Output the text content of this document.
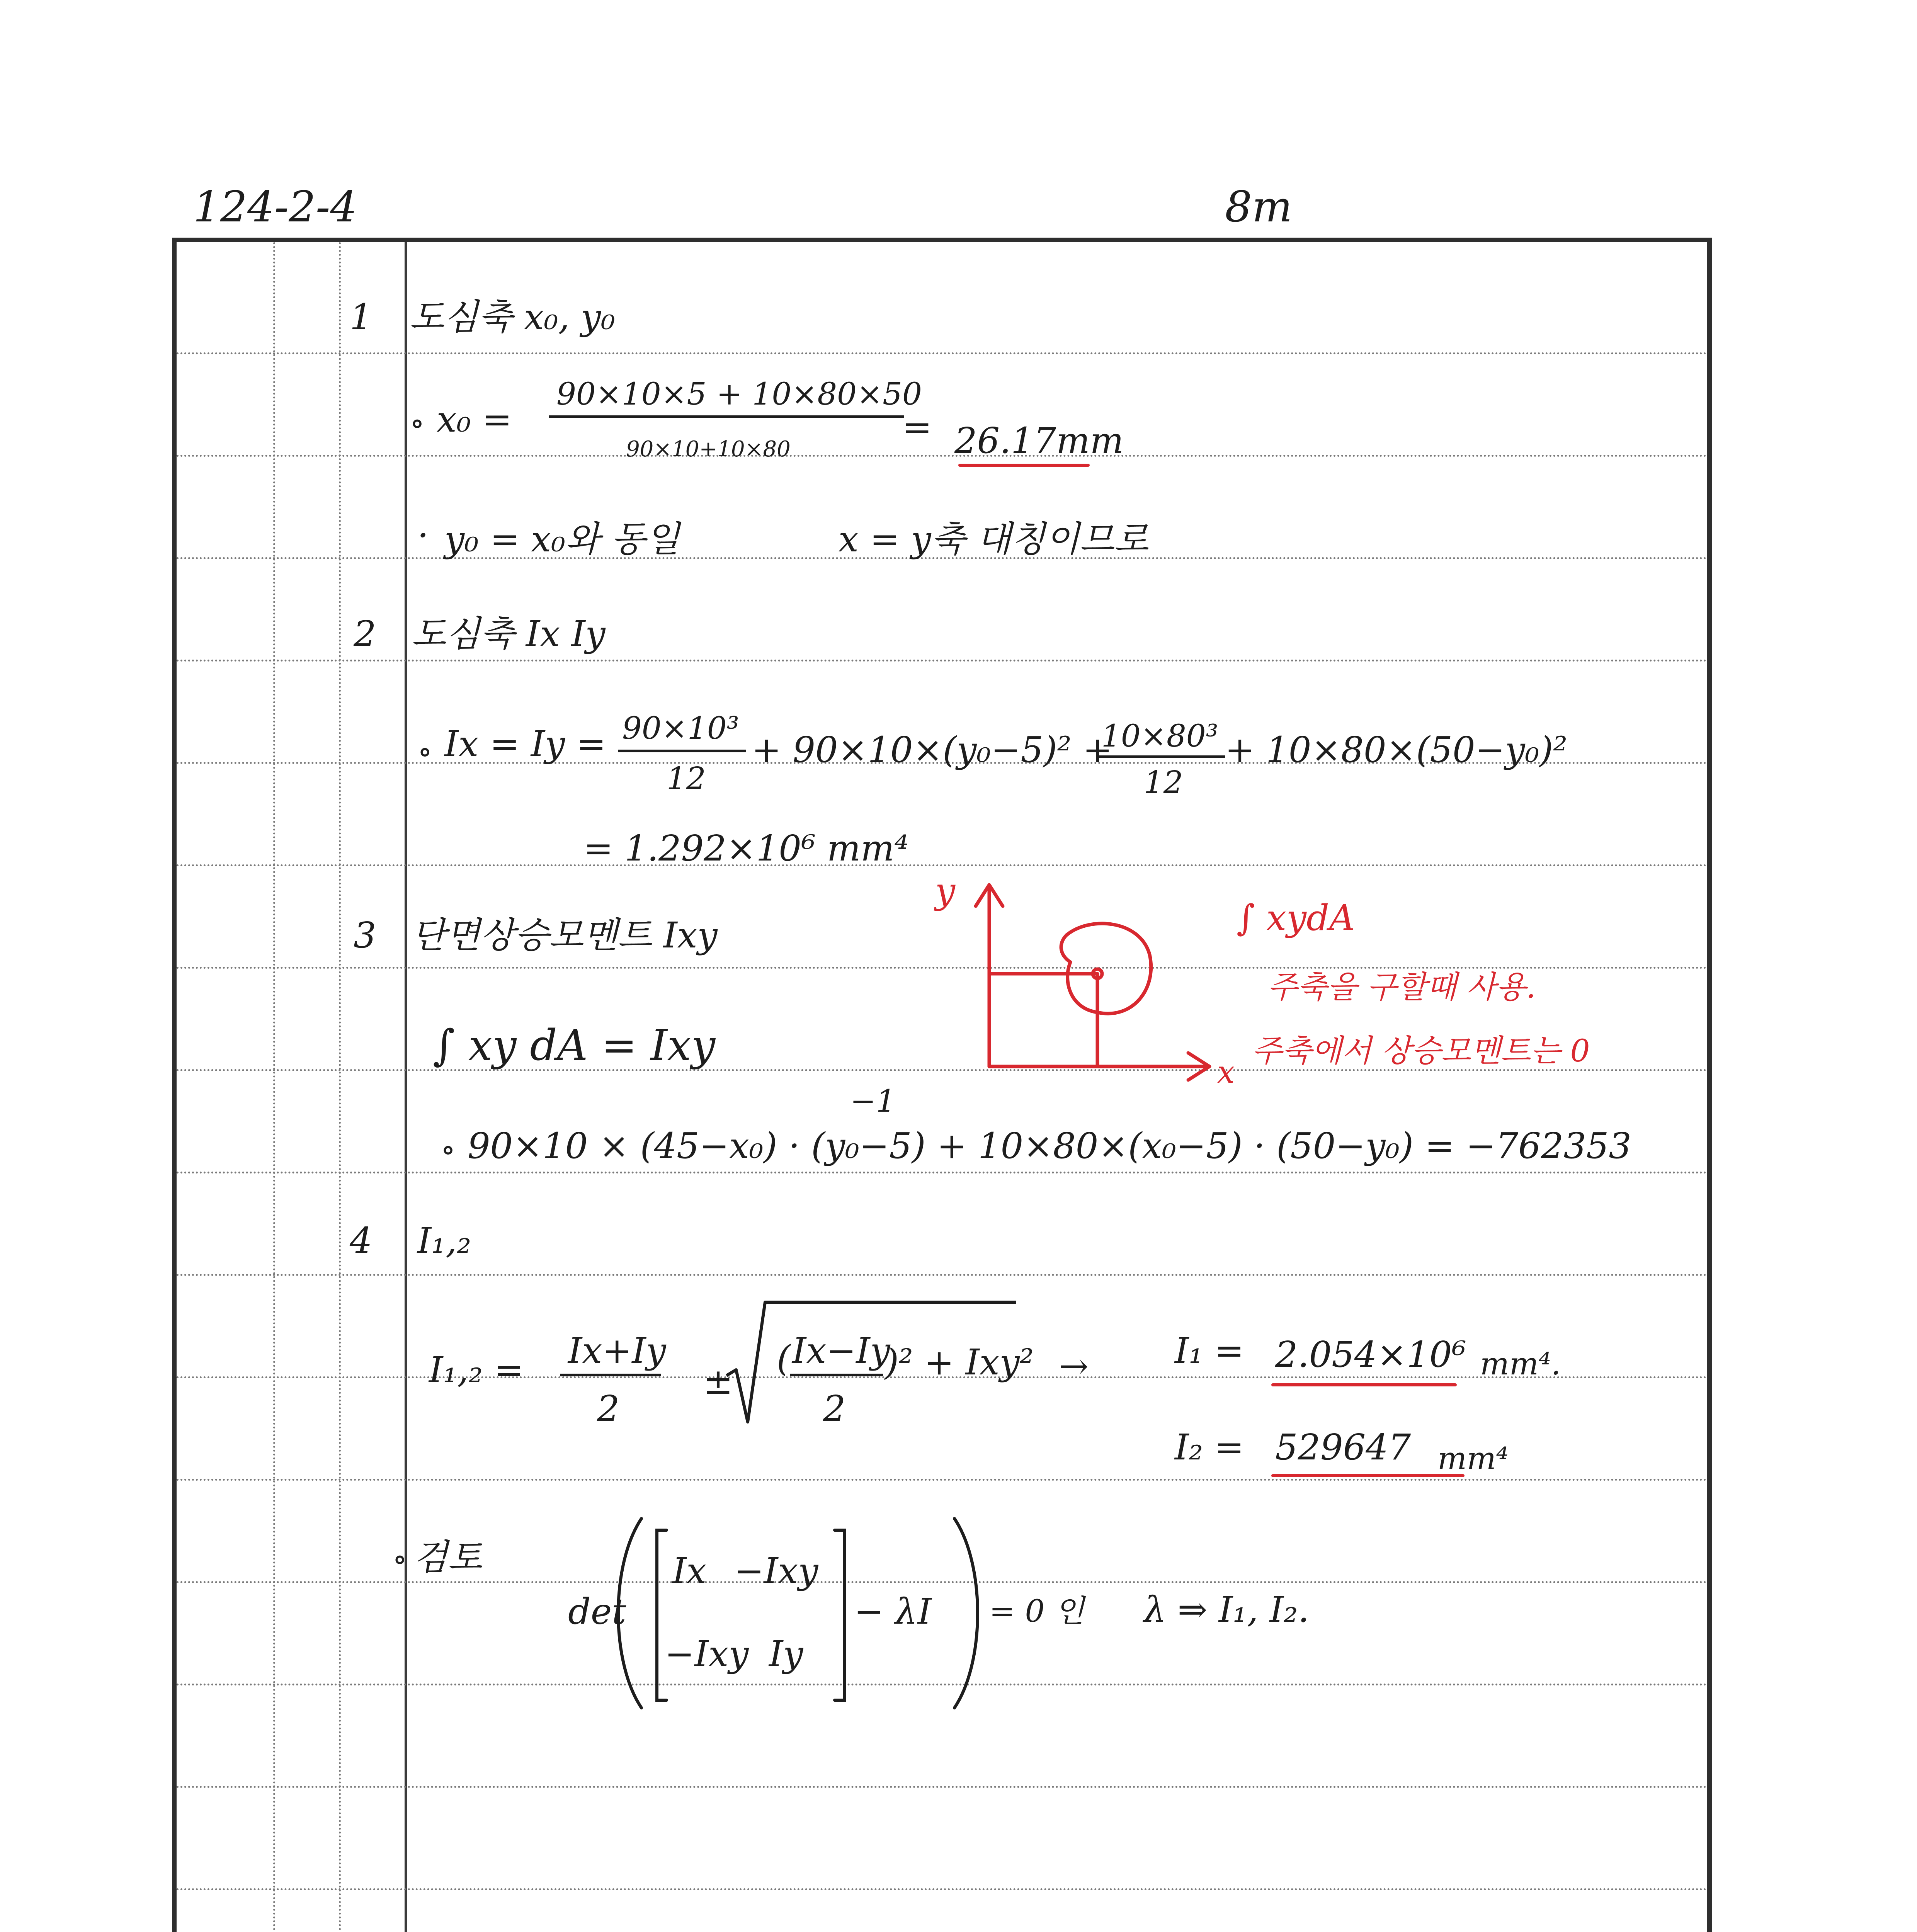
124-2-4	8m
1 도심축 x₀, y₀
∘ x₀ =
90×10×5 + 10×80×50
90×10+10×80
= 26.17mm
· y₀ = x₀와 동일	x = y축 대칭이므로
2 도심축 Ix Iy
∘ Ix = Iy = 90×10³
12
+ 90×10×(y₀−5)² +
10×80³
12
+ 10×80×(50−y₀)²
= 1.292×10⁶ mm⁴
3 단면상승모멘트 Ixy
∫ xy dA = Ixy
−1
∘ 90×10 × (45−x₀) · (y₀−5) + 10×80×(x₀−5) · (50−y₀) = −762353
y
x
∫ xydA
주축을 구할때 사용.
주축에서 상승모멘트는 0
4 I₁,₂
I₁,₂ = Ix+Iy
2
±
( Ix−Iy
2
)² + Ixy² → I₁ = 2.054×10⁶ mm⁴.
I₂ = 529647 mm⁴
∘ 검토
det
Ix −Ixy
−Ixy Iy
− λI = 0 인 λ ⇒ I₁, I₂.
